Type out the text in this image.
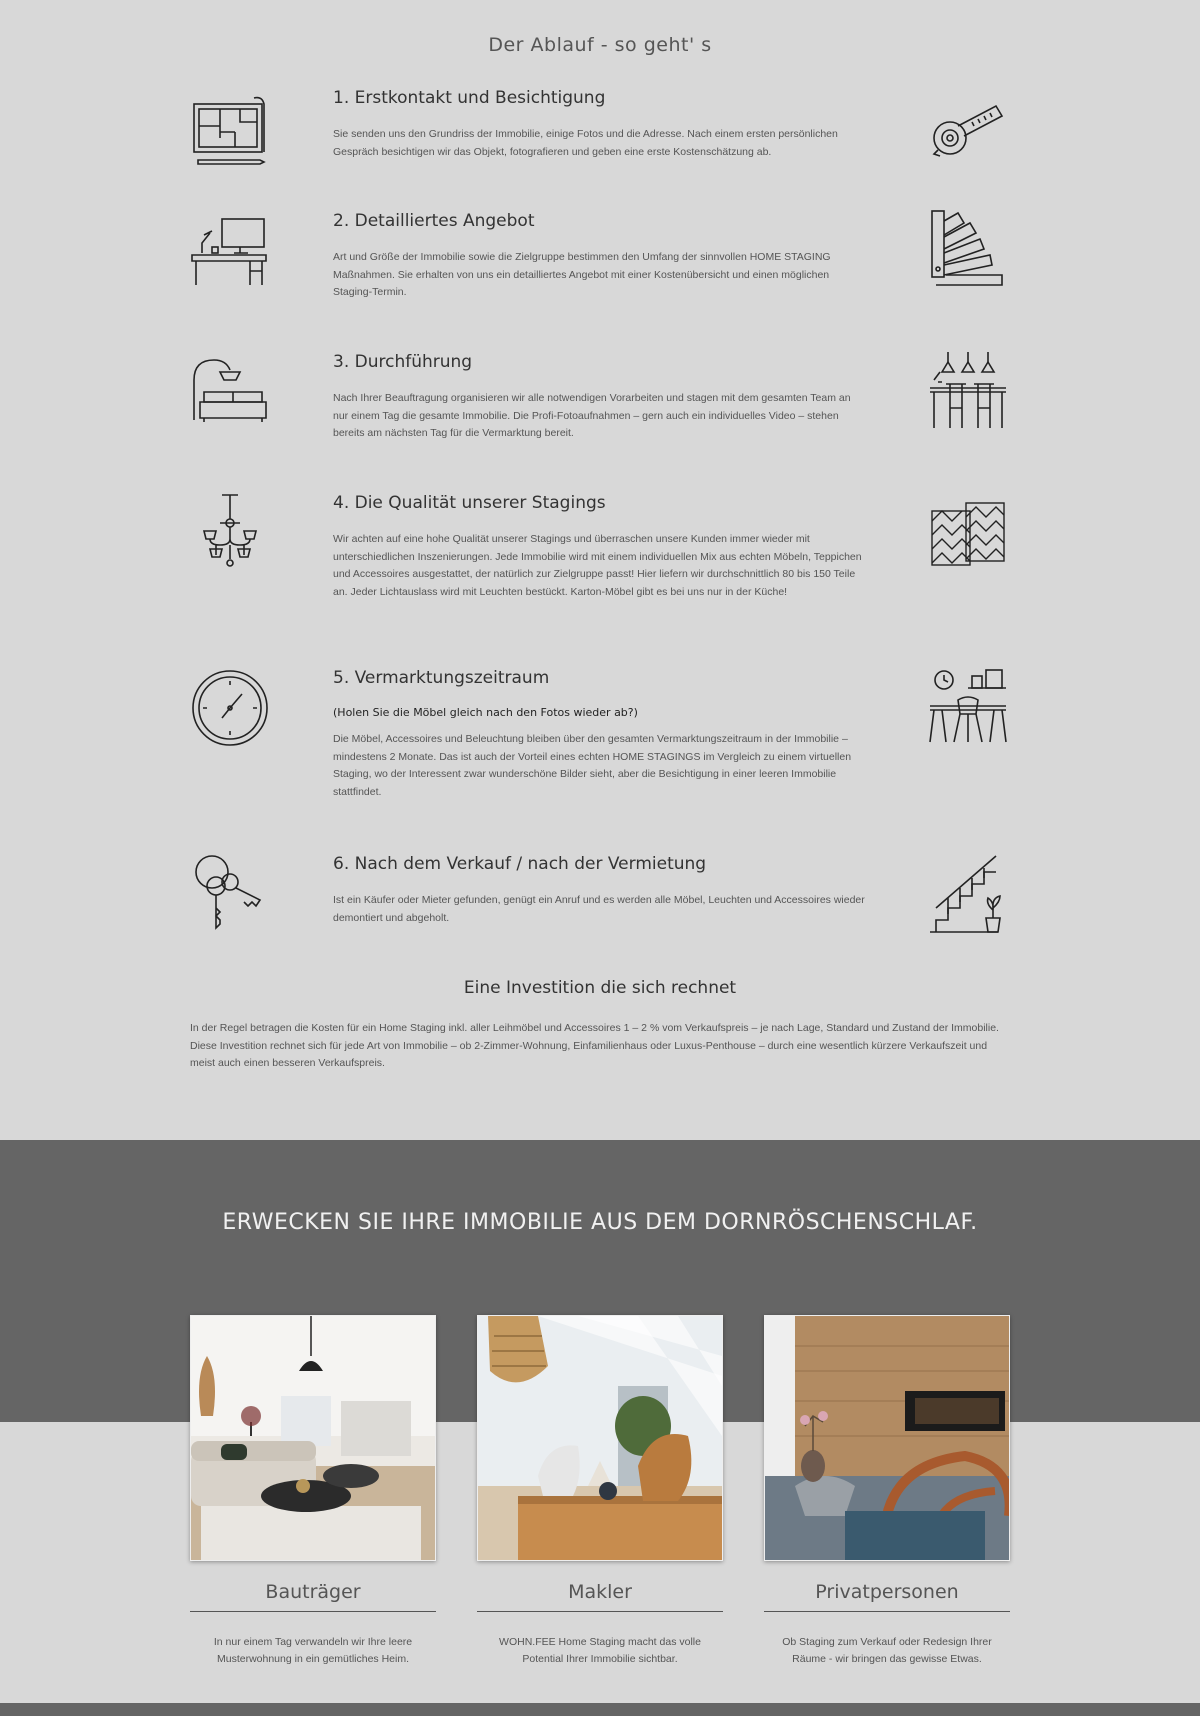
Der Ablauf - so geht' s
1. Erstkontakt und Besichtigung

Sie senden uns den Grundriss der Immobilie, einige Fotos und die Adresse. Nach einem ersten persönlichen Gespräch besichtigen wir das Objekt, fotografieren und geben eine erste Kostenschätzung ab.

2. Detailliertes Angebot

Art und Größe der Immobilie sowie die Zielgruppe bestimmen den Umfang der sinnvollen HOME STAGING Maßnahmen. Sie erhalten von uns ein detailliertes Angebot mit einer Kostenübersicht und einen möglichen Staging-Termin.

3. Durchführung

Nach Ihrer Beauftragung organisieren wir alle notwendigen Vorarbeiten und stagen mit dem gesamten Team an nur einem Tag die gesamte Immobilie. Die Profi-Fotoaufnahmen – gern auch ein individuelles Video – stehen bereits am nächsten Tag für die Vermarktung bereit.

4. Die Qualität unserer Stagings

Wir achten auf eine hohe Qualität unserer Stagings und überraschen unsere Kunden immer wieder mit unterschiedlichen Inszenierungen. Jede Immobilie wird mit einem individuellen Mix aus echten Möbeln, Teppichen und Accessoires ausgestattet, der natürlich zur Zielgruppe passt! Hier liefern wir durchschnittlich 80 bis 150 Teile an. Jeder Lichtauslass wird mit Leuchten bestückt. Karton-Möbel gibt es bei uns nur in der Küche!

5. Vermarktungszeitraum
(Holen Sie die Möbel gleich nach den Fotos wieder ab?)

Die Möbel, Accessoires und Beleuchtung bleiben über den gesamten Vermarktungszeitraum in der Immobilie – mindestens 2 Monate. Das ist auch der Vorteil eines echten HOME STAGINGS im Vergleich zu einem virtuellen Staging, wo der Interessent zwar wunderschöne Bilder sieht, aber die Besichtigung in einer leeren Immobilie stattfindet.

6. Nach dem Verkauf / nach der Vermietung

Ist ein Käufer oder Mieter gefunden, genügt ein Anruf und es werden alle Möbel, Leuchten und Accessoires wieder demontiert und abgeholt.

Eine Investition die sich rechnet

In der Regel betragen die Kosten für ein Home Staging inkl. aller Leihmöbel und Accessoires 1 – 2 % vom Verkaufspreis – je nach Lage, Standard und Zustand der Immobilie. Diese Investition rechnet sich für jede Art von Immobilie – ob 2-Zimmer-Wohnung, Einfamilienhaus oder Luxus-Penthouse – durch eine wesentlich kürzere Verkaufszeit und meist auch einen besseren Verkaufspreis.

ERWECKEN SIE IHRE IMMOBILIE AUS DEM DORNRÖSCHENSCHLAF.
Bauträger
In nur einem Tag verwandeln wir Ihre leere Musterwohnung in ein gemütliches Heim.
Makler
WOHN.FEE Home Staging macht das volle Potential Ihrer Immobilie sichtbar.
Privatpersonen
Ob Staging zum Verkauf oder Redesign Ihrer Räume - wir bringen das gewisse Etwas.
